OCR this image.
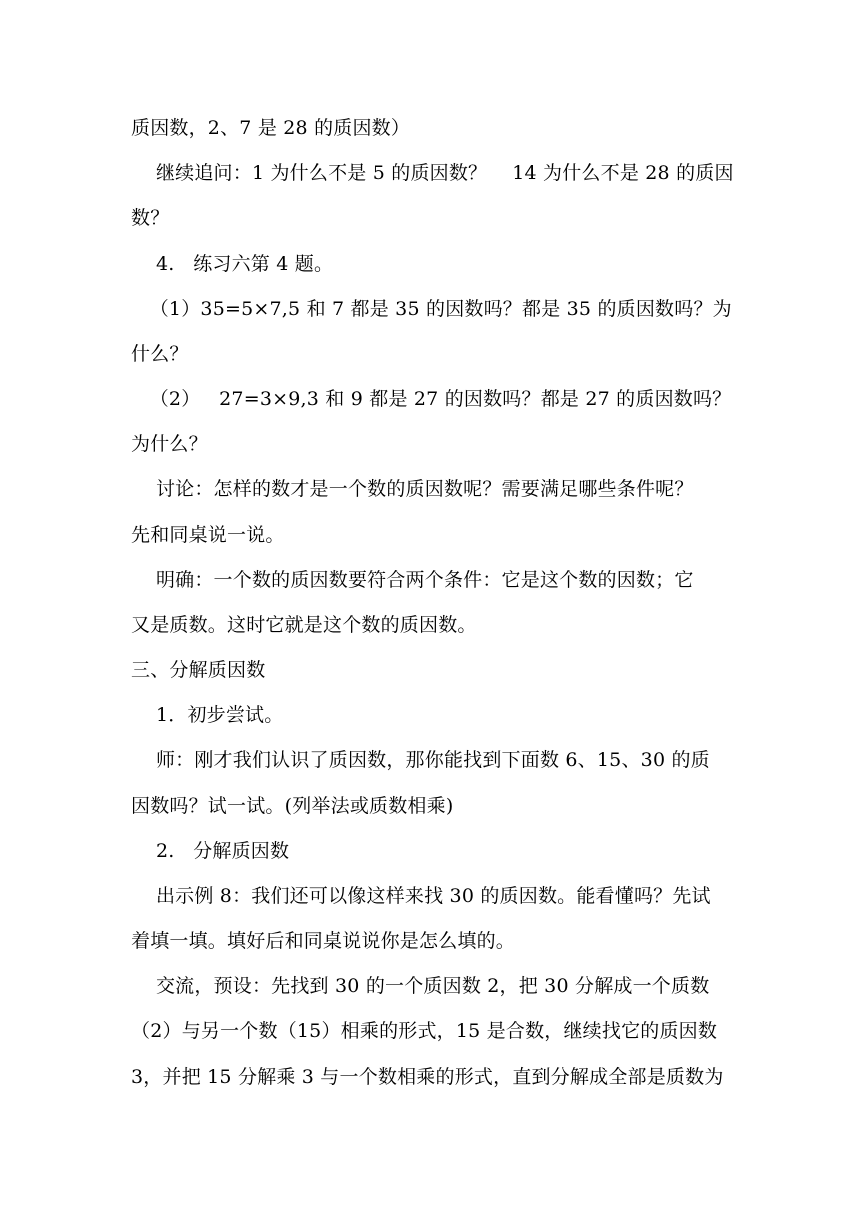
质因数，2、7 是 28 的质因数）
继续追问：1 为什么不是 5 的质因数？    14 为什么不是 28 的质因
数？
4.   练习六第 4 题。
（1）35=5×7,5 和 7 都是 35 的因数吗？都是 35 的质因数吗？为
什么？
（2）   27=3×9,3 和 9 都是 27 的因数吗？都是 27 的质因数吗？
为什么？
讨论：怎样的数才是一个数的质因数呢？需要满足哪些条件呢？
先和同桌说一说。
明确：一个数的质因数要符合两个条件：它是这个数的因数；它
又是质数。这时它就是这个数的质因数。
三、分解质因数
1．初步尝试。
师：刚才我们认识了质因数，那你能找到下面数 6、15、30 的质
因数吗？试一试。(列举法或质数相乘)
2.   分解质因数
出示例 8：我们还可以像这样来找 30 的质因数。能看懂吗？先试
着填一填。填好后和同桌说说你是怎么填的。
交流，预设：先找到 30 的一个质因数 2，把 30 分解成一个质数
（2）与另一个数（15）相乘的形式，15 是合数，继续找它的质因数
3，并把 15 分解乘 3 与一个数相乘的形式，直到分解成全部是质数为
